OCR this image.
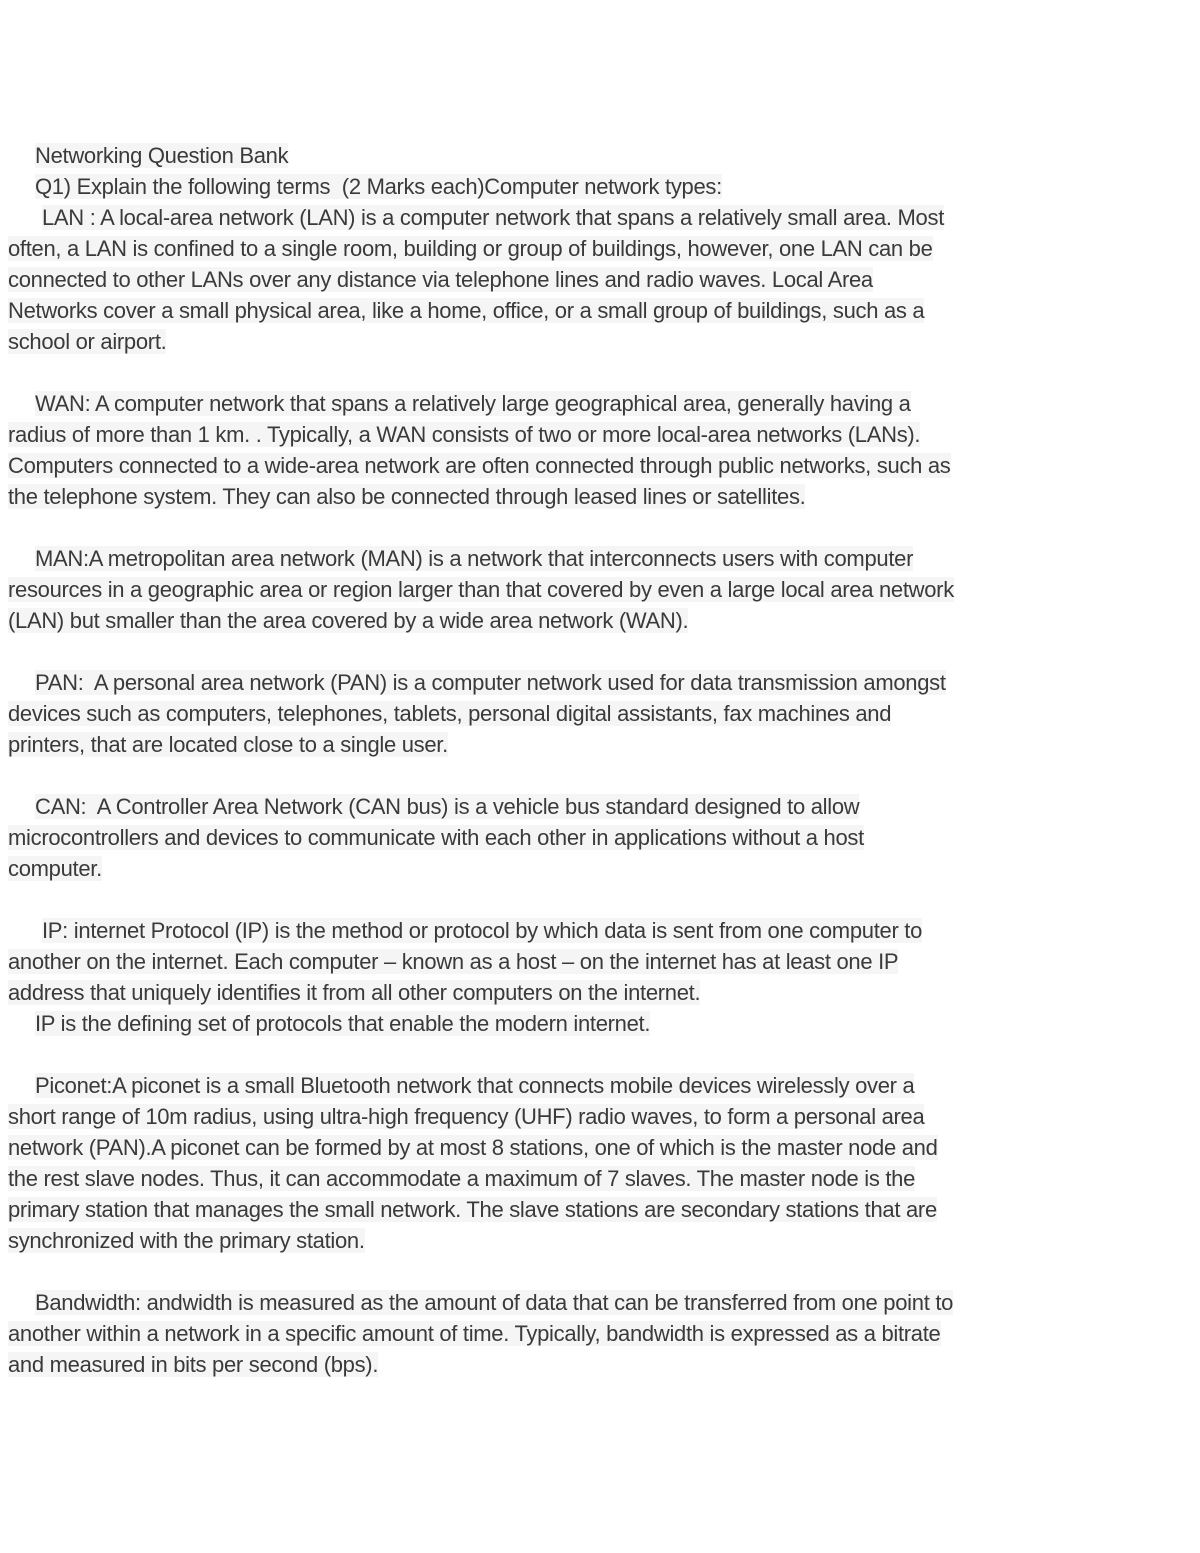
Networking Question Bank
Q1) Explain the following terms  (2 Marks each)Computer network types:
LAN : A local-area network (LAN) is a computer network that spans a relatively small area. Most
often, a LAN is confined to a single room, building or group of buildings, however, one LAN can be
connected to other LANs over any distance via telephone lines and radio waves. Local Area
Networks cover a small physical area, like a home, office, or a small group of buildings, such as a
school or airport.
WAN: A computer network that spans a relatively large geographical area, generally having a
radius of more than 1 km. . Typically, a WAN consists of two or more local-area networks (LANs).
Computers connected to a wide-area network are often connected through public networks, such as
the telephone system. They can also be connected through leased lines or satellites.
MAN:A metropolitan area network (MAN) is a network that interconnects users with computer
resources in a geographic area or region larger than that covered by even a large local area network
(LAN) but smaller than the area covered by a wide area network (WAN).
PAN:  A personal area network (PAN) is a computer network used for data transmission amongst
devices such as computers, telephones, tablets, personal digital assistants, fax machines and
printers, that are located close to a single user.
CAN:  A Controller Area Network (CAN bus) is a vehicle bus standard designed to allow
microcontrollers and devices to communicate with each other in applications without a host
computer.
IP: internet Protocol (IP) is the method or protocol by which data is sent from one computer to
another on the internet. Each computer – known as a host – on the internet has at least one IP
address that uniquely identifies it from all other computers on the internet.
IP is the defining set of protocols that enable the modern internet.
Piconet:A piconet is a small Bluetooth network that connects mobile devices wirelessly over a
short range of 10m radius, using ultra-high frequency (UHF) radio waves, to form a personal area
network (PAN).A piconet can be formed by at most 8 stations, one of which is the master node and
the rest slave nodes. Thus, it can accommodate a maximum of 7 slaves. The master node is the
primary station that manages the small network. The slave stations are secondary stations that are
synchronized with the primary station.
Bandwidth: andwidth is measured as the amount of data that can be transferred from one point to
another within a network in a specific amount of time. Typically, bandwidth is expressed as a bitrate
and measured in bits per second (bps).
